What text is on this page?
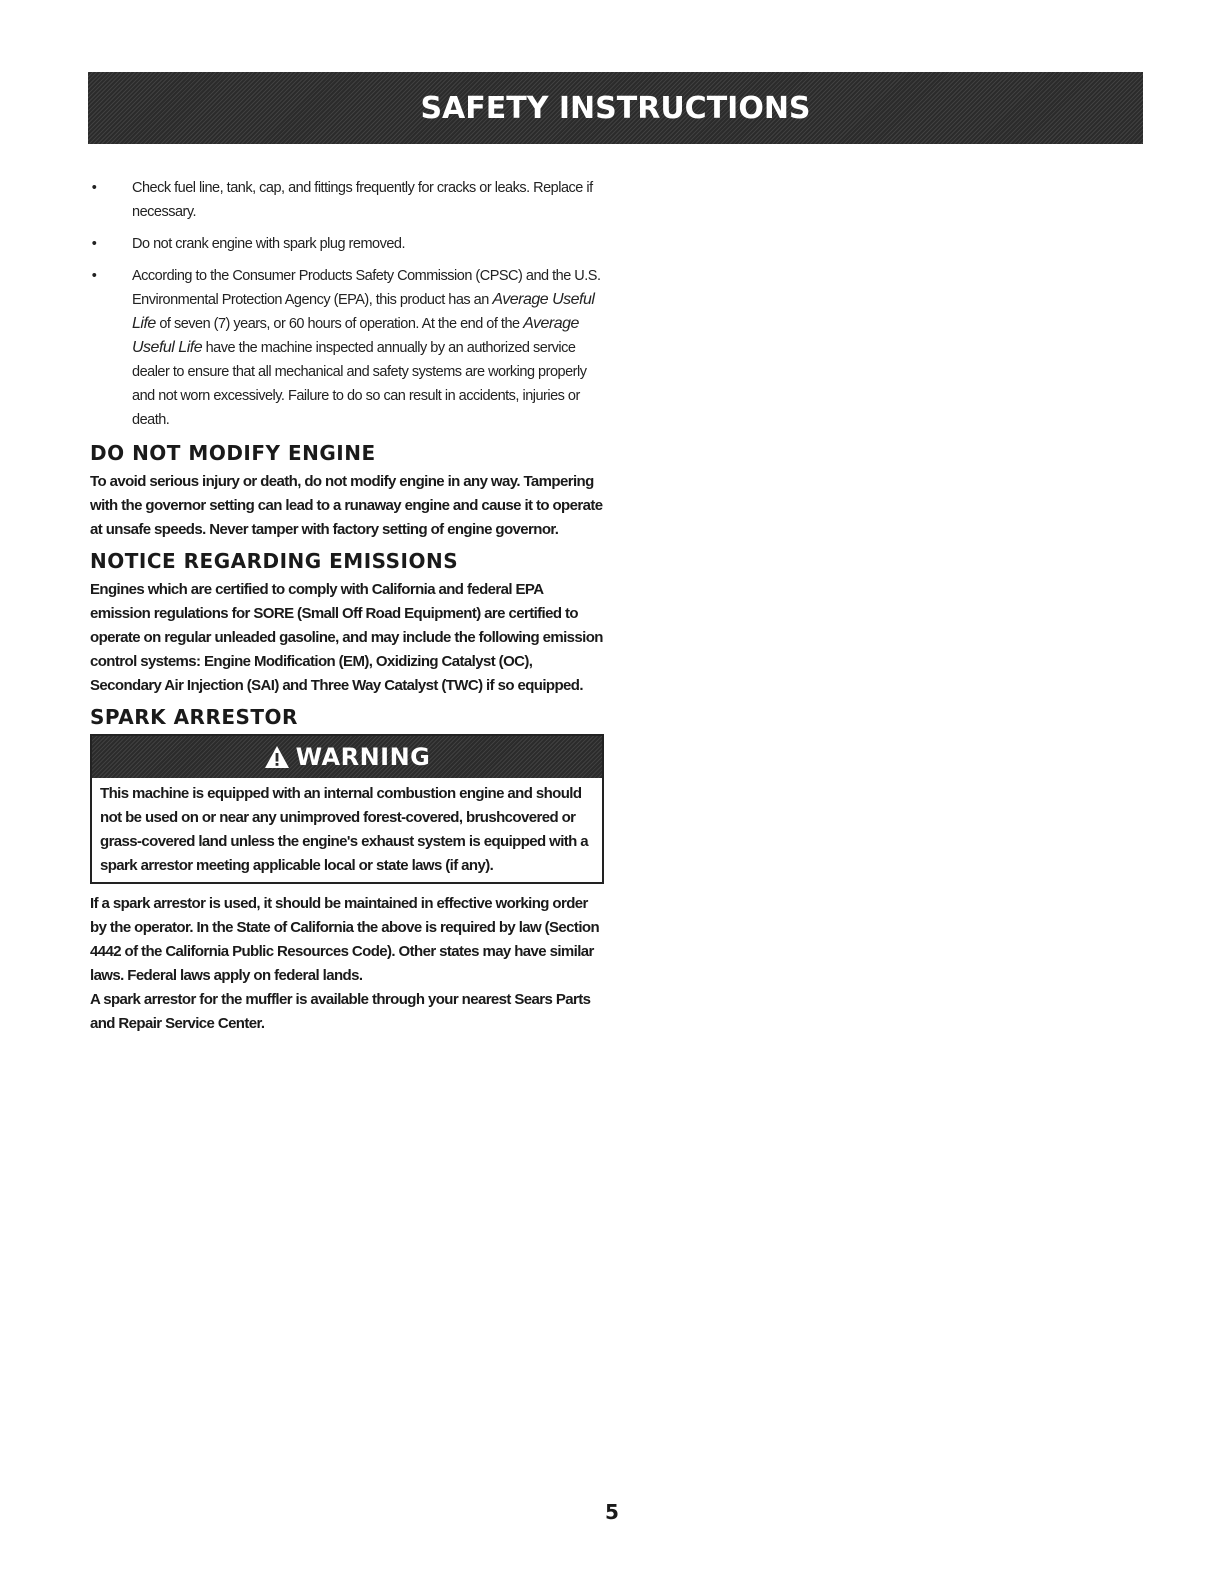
SAFETY INSTRUCTIONS
• Check fuel line, tank, cap, and fittings frequently for cracks or leaks. Replace if necessary.
• Do not crank engine with spark plug removed.
• According to the Consumer Products Safety Commission (CPSC) and the U.S. Environmental Protection Agency (EPA), this product has an Average Useful Life of seven (7) years, or 60 hours of operation. At the end of the Average Useful Life have the machine inspected annually by an authorized service dealer to ensure that all mechanical and safety systems are working properly and not worn excessively. Failure to do so can result in accidents, injuries or death.
DO NOT MODIFY ENGINE

To avoid serious injury or death, do not modify engine in any way. Tampering with the governor setting can lead to a runaway engine and cause it to operate at unsafe speeds. Never tamper with factory setting of engine governor.

NOTICE REGARDING EMISSIONS

Engines which are certified to comply with California and federal EPA emission regulations for SORE (Small Off Road Equipment) are certified to operate on regular unleaded gasoline, and may include the following emission control systems: Engine Modification (EM), Oxidizing Catalyst (OC), Secondary Air Injection (SAI) and Three Way Catalyst (TWC) if so equipped.

SPARK ARRESTOR
WARNING
This machine is equipped with an internal combustion engine and should not be used on or near any unimproved forest-covered, brushcovered or grass-covered land unless the engine's exhaust system is equipped with a spark arrestor meeting applicable local or state laws (if any).

If a spark arrestor is used, it should be maintained in effective working order by the operator. In the State of California the above is required by law (Section 4442 of the California Public Resources Code). Other states may have similar laws. Federal laws apply on federal lands.

A spark arrestor for the muffler is available through your nearest Sears Parts and Repair Service Center.

5
